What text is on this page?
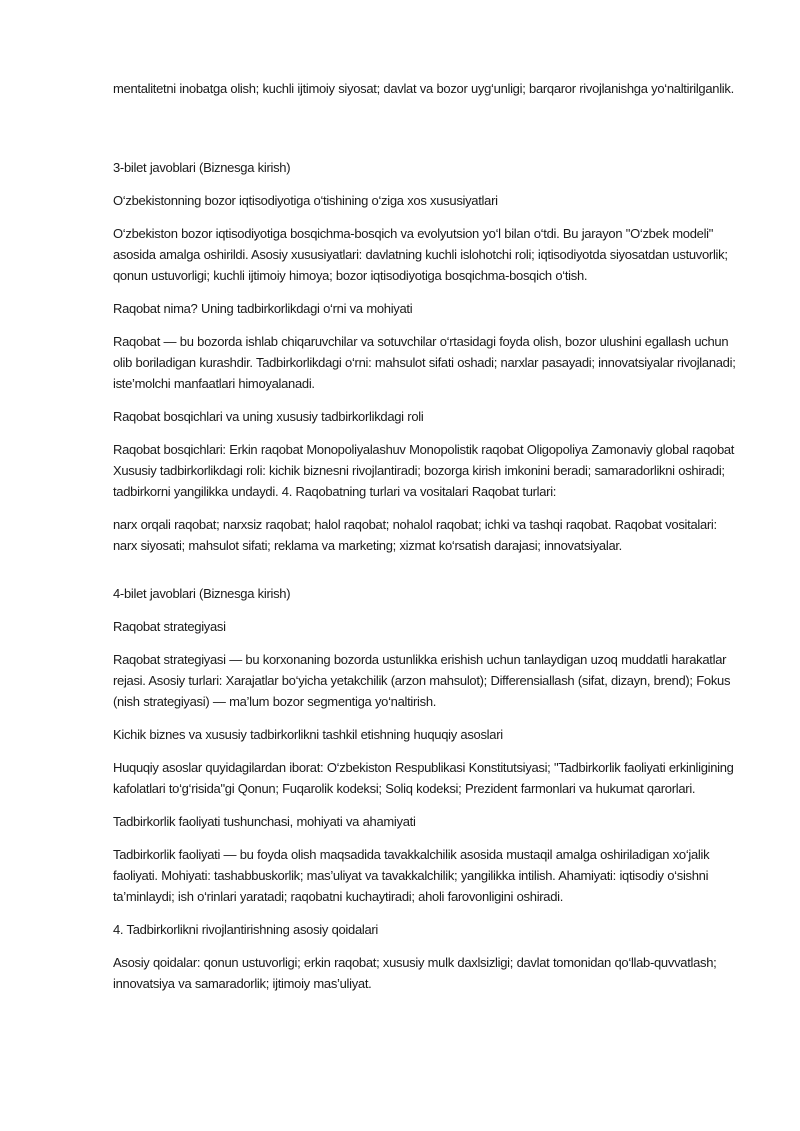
mentalitetni inobatga olish; kuchli ijtimoiy siyosat; davlat va bozor uyg‘unligi; barqaror rivojlanishga yo‘naltirilganlik.

3-bilet javoblari (Biznesga kirish)

O‘zbekistonning bozor iqtisodiyotiga o‘tishining o‘ziga xos xususiyatlari

O‘zbekiston bozor iqtisodiyotiga bosqichma-bosqich va evolyutsion yo‘l bilan o‘tdi. Bu jarayon "O‘zbek modeli" asosida amalga oshirildi. Asosiy xususiyatlari: davlatning kuchli islohotchi roli; iqtisodiyotda siyosatdan ustuvorlik; qonun ustuvorligi; kuchli ijtimoiy himoya; bozor iqtisodiyotiga bosqichma-bosqich o‘tish.

Raqobat nima? Uning tadbirkorlikdagi o‘rni va mohiyati

Raqobat — bu bozorda ishlab chiqaruvchilar va sotuvchilar o‘rtasidagi foyda olish, bozor ulushini egallash uchun olib boriladigan kurashdir. Tadbirkorlikdagi o‘rni: mahsulot sifati oshadi; narxlar pasayadi; innovatsiyalar rivojlanadi; iste’molchi manfaatlari himoyalanadi.

Raqobat bosqichlari va uning xususiy tadbirkorlikdagi roli

Raqobat bosqichlari: Erkin raqobat Monopoliyalashuv Monopolistik raqobat Oligopoliya Zamonaviy global raqobat Xususiy tadbirkorlikdagi roli: kichik biznesni rivojlantiradi; bozorga kirish imkonini beradi; samaradorlikni oshiradi; tadbirkorni yangilikka undaydi. 4. Raqobatning turlari va vositalari Raqobat turlari:

narx orqali raqobat; narxsiz raqobat; halol raqobat; nohalol raqobat; ichki va tashqi raqobat. Raqobat vositalari: narx siyosati; mahsulot sifati; reklama va marketing; xizmat ko‘rsatish darajasi; innovatsiyalar.

4-bilet javoblari (Biznesga kirish)

Raqobat strategiyasi

Raqobat strategiyasi — bu korxonaning bozorda ustunlikka erishish uchun tanlaydigan uzoq muddatli harakatlar rejasi. Asosiy turlari: Xarajatlar bo‘yicha yetakchilik (arzon mahsulot); Differensiallash (sifat, dizayn, brend); Fokus (nish strategiyasi) — ma’lum bozor segmentiga yo‘naltirish.

Kichik biznes va xususiy tadbirkorlikni tashkil etishning huquqiy asoslari

Huquqiy asoslar quyidagilardan iborat: O‘zbekiston Respublikasi Konstitutsiyasi; "Tadbirkorlik faoliyati erkinligining kafolatlari to‘g‘risida"gi Qonun; Fuqarolik kodeksi; Soliq kodeksi; Prezident farmonlari va hukumat qarorlari.

Tadbirkorlik faoliyati tushunchasi, mohiyati va ahamiyati

Tadbirkorlik faoliyati — bu foyda olish maqsadida tavakkalchilik asosida mustaqil amalga oshiriladigan xo‘jalik faoliyati. Mohiyati: tashabbuskorlik; mas’uliyat va tavakkalchilik; yangilikka intilish. Ahamiyati: iqtisodiy o‘sishni ta’minlaydi; ish o‘rinlari yaratadi; raqobatni kuchaytiradi; aholi farovonligini oshiradi.

4. Tadbirkorlikni rivojlantirishning asosiy qoidalari

Asosiy qoidalar: qonun ustuvorligi; erkin raqobat; xususiy mulk daxlsizligi; davlat tomonidan qo‘llab-quvvatlash; innovatsiya va samaradorlik; ijtimoiy mas’uliyat.
